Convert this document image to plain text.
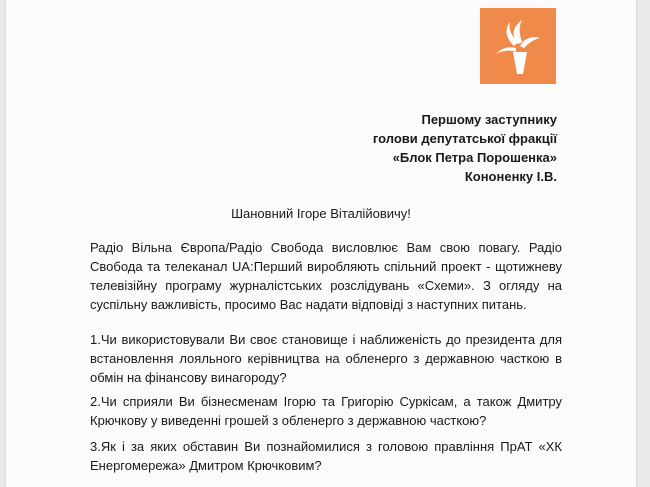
Першому заступнику
голови депутатської фракції
«Блок Петра Порошенка»
Кононенку І.В.
Шановний Ігоре Віталійовичу!
Радіо Вільна Європа/Радіо Свобода висловлює Вам свою повагу. Радіо Свобода та телеканал UA:Перший виробляють спільний проект - щотижневу телевізійну програму журналістських розслідувань «Схеми». З огляду на суспільну важливість, просимо Вас надати відповіді з наступних питань.
1.Чи використовували Ви своє становище і наближеність до президента для встановлення лояльного керівництва на обленерго з державною часткою в обмін на фінансову винагороду?
2.Чи сприяли Ви бізнесменам Ігорю та Григорію Суркісам, а також Дмитру Крючкову у виведенні грошей з обленерго з державною часткою?
3.Як і за яких обставин Ви познайомилися з головою правління ПрАТ «ХК Енергомережа» Дмитром Крючковим?
